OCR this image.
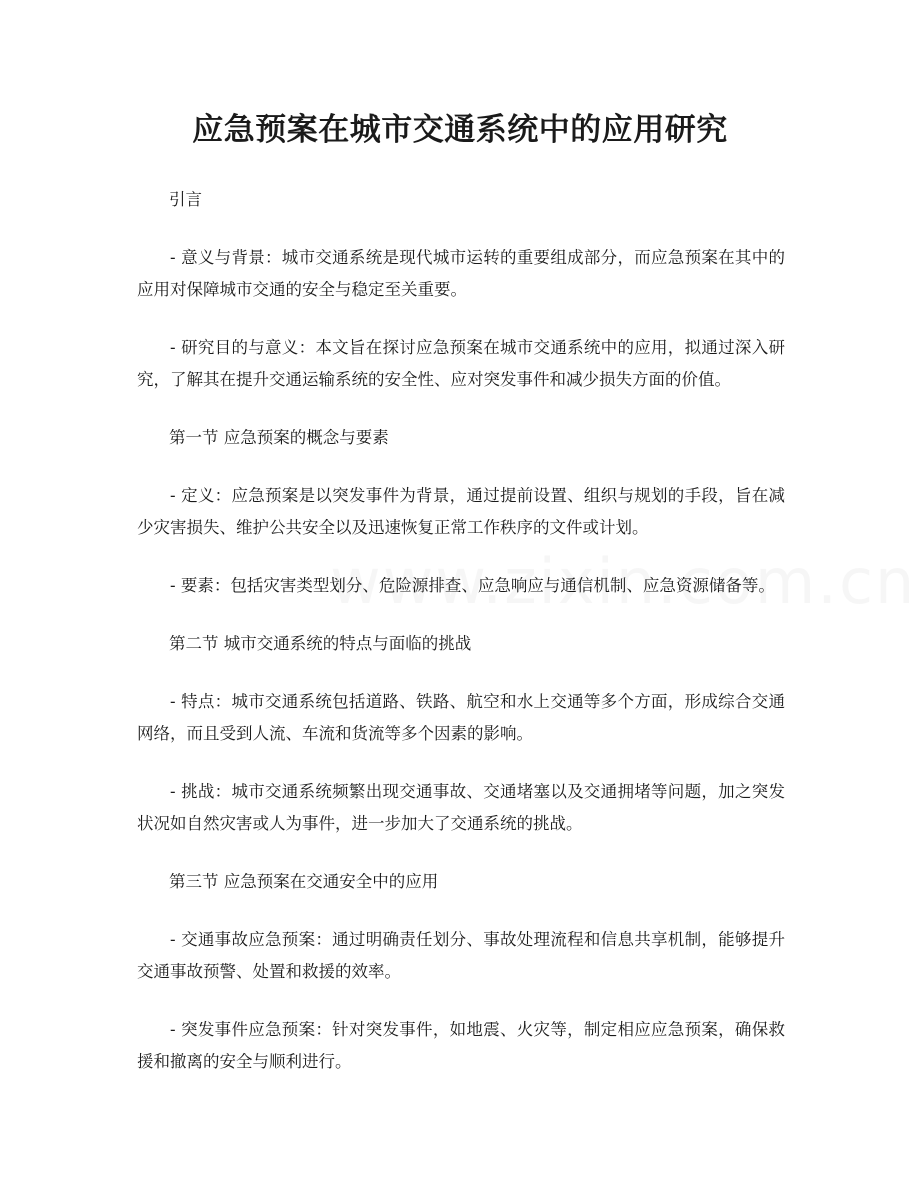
应急预案在城市交通系统中的应用研究

引言

- 意义与背景：城市交通系统是现代城市运转的重要组成部分，而应急预案在其中的应用对保障城市交通的安全与稳定至关重要。

- 研究目的与意义：本文旨在探讨应急预案在城市交通系统中的应用，拟通过深入研究，了解其在提升交通运输系统的安全性、应对突发事件和减少损失方面的价值。

第一节 应急预案的概念与要素

- 定义：应急预案是以突发事件为背景，通过提前设置、组织与规划的手段，旨在减少灾害损失、维护公共安全以及迅速恢复正常工作秩序的文件或计划。

- 要素：包括灾害类型划分、危险源排查、应急响应与通信机制、应急资源储备等。

第二节 城市交通系统的特点与面临的挑战

- 特点：城市交通系统包括道路、铁路、航空和水上交通等多个方面，形成综合交通网络，而且受到人流、车流和货流等多个因素的影响。

- 挑战：城市交通系统频繁出现交通事故、交通堵塞以及交通拥堵等问题，加之突发状况如自然灾害或人为事件，进一步加大了交通系统的挑战。

第三节 应急预案在交通安全中的应用

- 交通事故应急预案：通过明确责任划分、事故处理流程和信息共享机制，能够提升交通事故预警、处置和救援的效率。

- 突发事件应急预案：针对突发事件，如地震、火灾等，制定相应应急预案，确保救援和撤离的安全与顺利进行。
